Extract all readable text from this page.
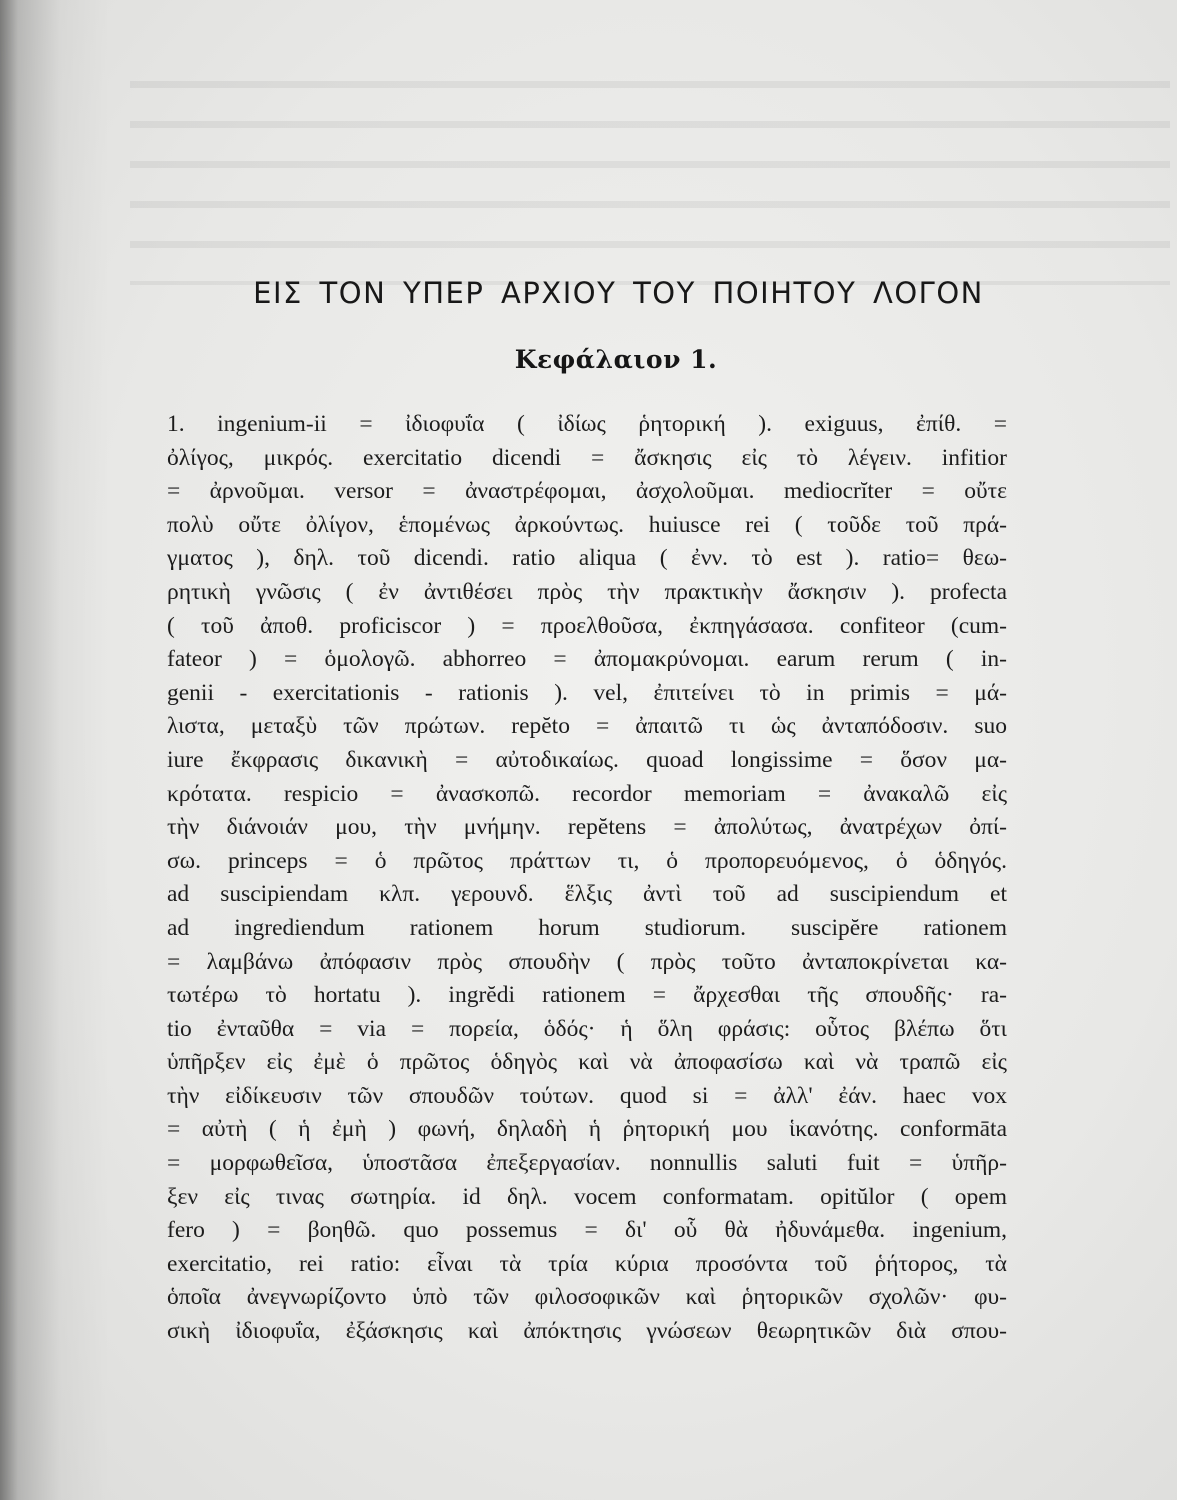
ΕΙΣ ΤΟΝ ΥΠΕΡ ΑΡΧΙΟΥ ΤΟΥ ΠΟΙΗΤΟΥ ΛΟΓΟΝ
Κεφάλαιον 1.
1. ingenium-ii = ἰδιοφυΐα ( ἰδίως ῥητορική ). exiguus, ἐπίθ. =
ὀλίγος, μικρός. exercitatio dicendi = ἄσκησις εἰς τὸ λέγειν. infitior
= ἀρνοῦμαι. versor = ἀναστρέφομαι, ἀσχολοῦμαι. mediocrĭter = οὔτε
πολὺ οὔτε ὀλίγον, ἑπομένως ἀρκούντως. huiusce rei ( τοῦδε τοῦ πρά-
γματος ), δηλ. τοῦ dicendi. ratio aliqua ( ἐνν. τὸ est ). ratio= θεω-
ρητικὴ γνῶσις ( ἐν ἀντιθέσει πρὸς τὴν πρακτικὴν ἄσκησιν ). profecta
( τοῦ ἀποθ. proficiscor ) = προελθοῦσα, ἐκπηγάσασα. confiteor (cum-
fateor ) = ὁμολογῶ. abhorreo = ἀπομακρύνομαι. earum rerum ( in-
genii - exercitationis - rationis ). vel, ἐπιτείνει τὸ in primis = μά-
λιστα, μεταξὺ τῶν πρώτων. repĕto = ἀπαιτῶ τι ὡς ἀνταπόδοσιν. suo
iure ἔκφρασις δικανικὴ = αὐτοδικαίως. quoad longissime = ὅσον μα-
κρότατα. respicio = ἀνασκοπῶ. recordor memoriam = ἀνακαλῶ εἰς
τὴν διάνοιάν μου, τὴν μνήμην. repĕtens = ἀπολύτως, ἀνατρέχων ὀπί-
σω. princeps = ὁ πρῶτος πράττων τι, ὁ προπορευόμενος, ὁ ὁδηγός.
ad suscipiendam κλπ. γερουνδ. ἕλξις ἀντὶ τοῦ ad suscipiendum et
ad ingrediendum rationem horum studiorum. suscipĕre rationem
= λαμβάνω ἀπόφασιν πρὸς σπουδὴν ( πρὸς τοῦτο ἀνταποκρίνεται κα-
τωτέρω τὸ hortatu ). ingrĕdi rationem = ἄρχεσθαι τῆς σπουδῆς· ra-
tio ἐνταῦθα = via = πορεία, ὁδός· ἡ ὅλη φράσις: οὗτος βλέπω ὅτι
ὑπῆρξεν εἰς ἐμὲ ὁ πρῶτος ὁδηγὸς καὶ νὰ ἀποφασίσω καὶ νὰ τραπῶ εἰς
τὴν εἰδίκευσιν τῶν σπουδῶν τούτων. quod si = ἀλλ' ἐάν. haec vox
= αὐτὴ ( ἡ ἐμὴ ) φωνή, δηλαδὴ ἡ ῥητορική μου ἱκανότης. conformāta
= μορφωθεῖσα, ὑποστᾶσα ἐπεξεργασίαν. nonnullis saluti fuit = ὑπῆρ-
ξεν εἰς τινας σωτηρία. id δηλ. vocem conformatam. opitŭlor ( opem
fero ) = βοηθῶ. quo possemus = δι' οὗ θὰ ἠδυνάμεθα. ingenium,
exercitatio, rei ratio: εἶναι τὰ τρία κύρια προσόντα τοῦ ῥήτορος, τὰ
ὁποῖα ἀνεγνωρίζοντο ὑπὸ τῶν φιλοσοφικῶν καὶ ῥητορικῶν σχολῶν· φυ-
σικὴ ἰδιοφυΐα, ἐξάσκησις καὶ ἀπόκτησις γνώσεων θεωρητικῶν διὰ σπου-
